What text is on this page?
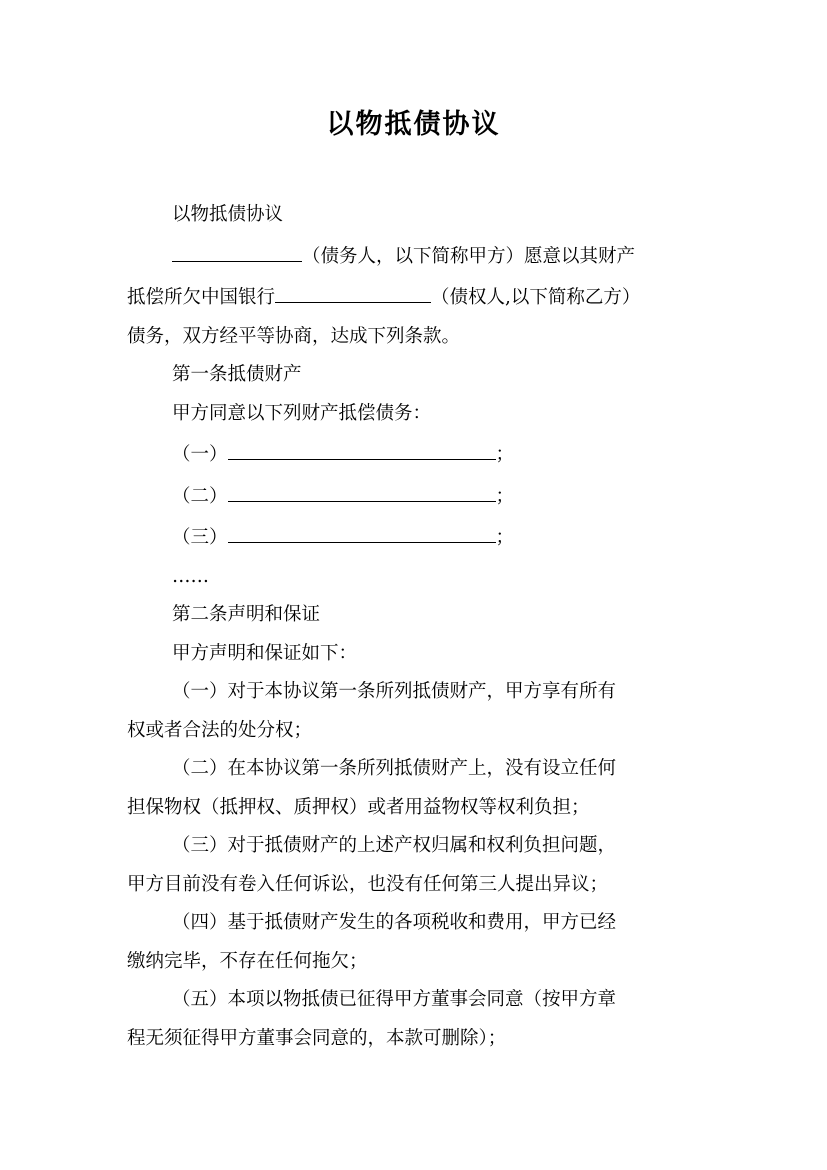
以物抵债协议

以物抵债协议

（债务人，以下简称甲方）愿意以其财产

抵偿所欠中国银行	（债权人,以下简称乙方）

债务，双方经平等协商，达成下列条款。

第一条抵债财产

甲方同意以下列财产抵偿债务：

（一）	；

（二）	；

（三）	；

……

第二条声明和保证

甲方声明和保证如下：

（一）对于本协议第一条所列抵债财产，甲方享有所有

权或者合法的处分权；

（二）在本协议第一条所列抵债财产上，没有设立任何

担保物权（抵押权、质押权）或者用益物权等权利负担；

（三）对于抵债财产的上述产权归属和权利负担问题，

甲方目前没有卷入任何诉讼，也没有任何第三人提出异议；

（四）基于抵债财产发生的各项税收和费用，甲方已经

缴纳完毕，不存在任何拖欠；

（五）本项以物抵债已征得甲方董事会同意（按甲方章

程无须征得甲方董事会同意的，本款可删除）；
